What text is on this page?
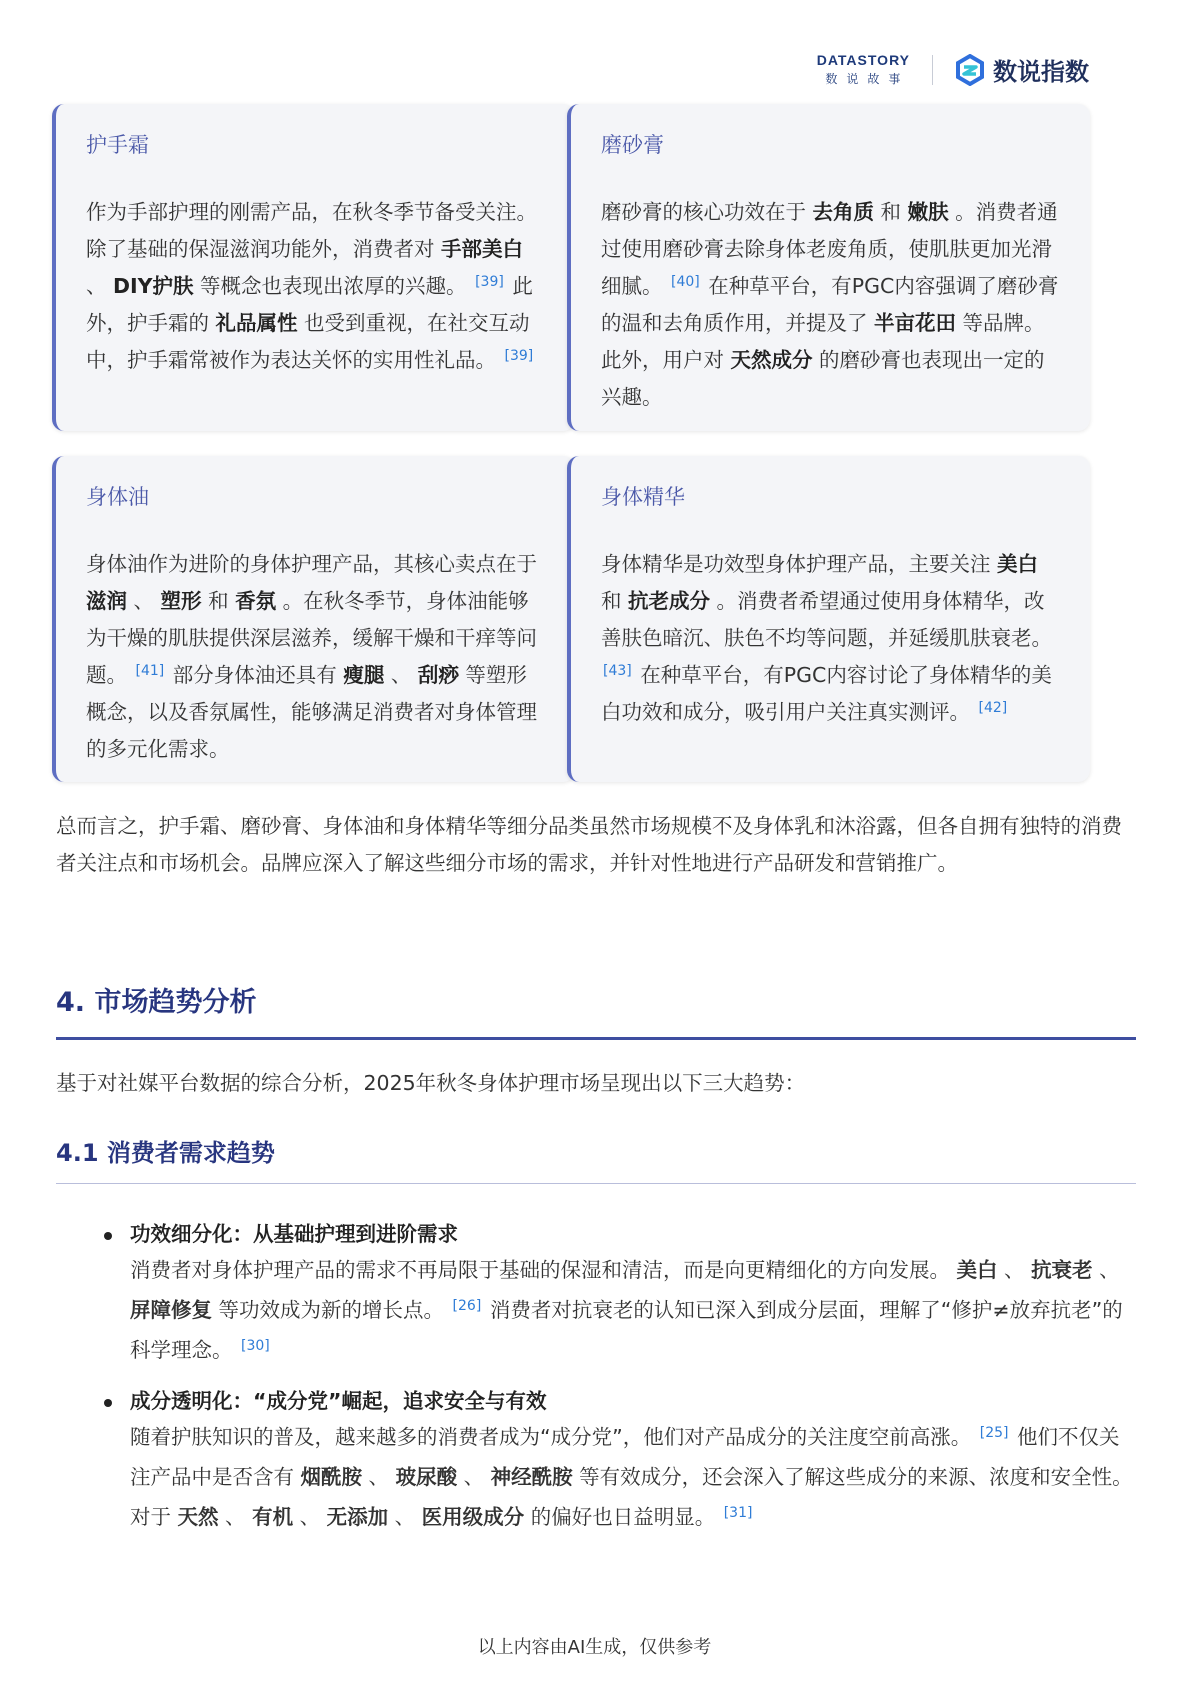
DATASTORY
数说故事	数说指数
护手霜
作为手部护理的刚需产品，在秋冬季节备受关注。除了基础的保湿滋润功能外，消费者对 手部美白 、 DIY护肤 等概念也表现出浓厚的兴趣。 [39] 此外，护手霜的 礼品属性 也受到重视，在社交互动中，护手霜常被作为表达关怀的实用性礼品。 [39]
磨砂膏
磨砂膏的核心功效在于 去角质 和 嫩肤 。消费者通过使用磨砂膏去除身体老废角质，使肌肤更加光滑细腻。 [40] 在种草平台，有PGC内容强调了磨砂膏的温和去角质作用，并提及了 半亩花田 等品牌。此外，用户对 天然成分 的磨砂膏也表现出一定的兴趣。
身体油
身体油作为进阶的身体护理产品，其核心卖点在于 滋润 、 塑形 和 香氛 。在秋冬季节，身体油能够为干燥的肌肤提供深层滋养，缓解干燥和干痒等问题。 [41] 部分身体油还具有 瘦腿 、 刮痧 等塑形概念，以及香氛属性，能够满足消费者对身体管理的多元化需求。
身体精华
身体精华是功效型身体护理产品，主要关注 美白 和 抗老成分 。消费者希望通过使用身体精华，改善肤色暗沉、肤色不均等问题，并延缓肌肤衰老。 [43] 在种草平台，有PGC内容讨论了身体精华的美白功效和成分，吸引用户关注真实测评。 [42]
总而言之，护手霜、磨砂膏、身体油和身体精华等细分品类虽然市场规模不及身体乳和沐浴露，但各自拥有独特的消费者关注点和市场机会。品牌应深入了解这些细分市场的需求，并针对性地进行产品研发和营销推广。
4. 市场趋势分析
基于对社媒平台数据的综合分析，2025年秋冬身体护理市场呈现出以下三大趋势：
4.1 消费者需求趋势
功效细分化：从基础护理到进阶需求
消费者对身体护理产品的需求不再局限于基础的保湿和清洁，而是向更精细化的方向发展。 美白 、 抗衰老 、 屏障修复 等功效成为新的增长点。 [26] 消费者对抗衰老的认知已深入到成分层面，理解了“修护≠放弃抗老”的科学理念。 [30]
成分透明化：“成分党”崛起，追求安全与有效
随着护肤知识的普及，越来越多的消费者成为“成分党”，他们对产品成分的关注度空前高涨。 [25] 他们不仅关注产品中是否含有 烟酰胺 、 玻尿酸 、 神经酰胺 等有效成分，还会深入了解这些成分的来源、浓度和安全性。对于 天然 、 有机 、 无添加 、 医用级成分 的偏好也日益明显。 [31]
以上内容由AI生成，仅供参考
